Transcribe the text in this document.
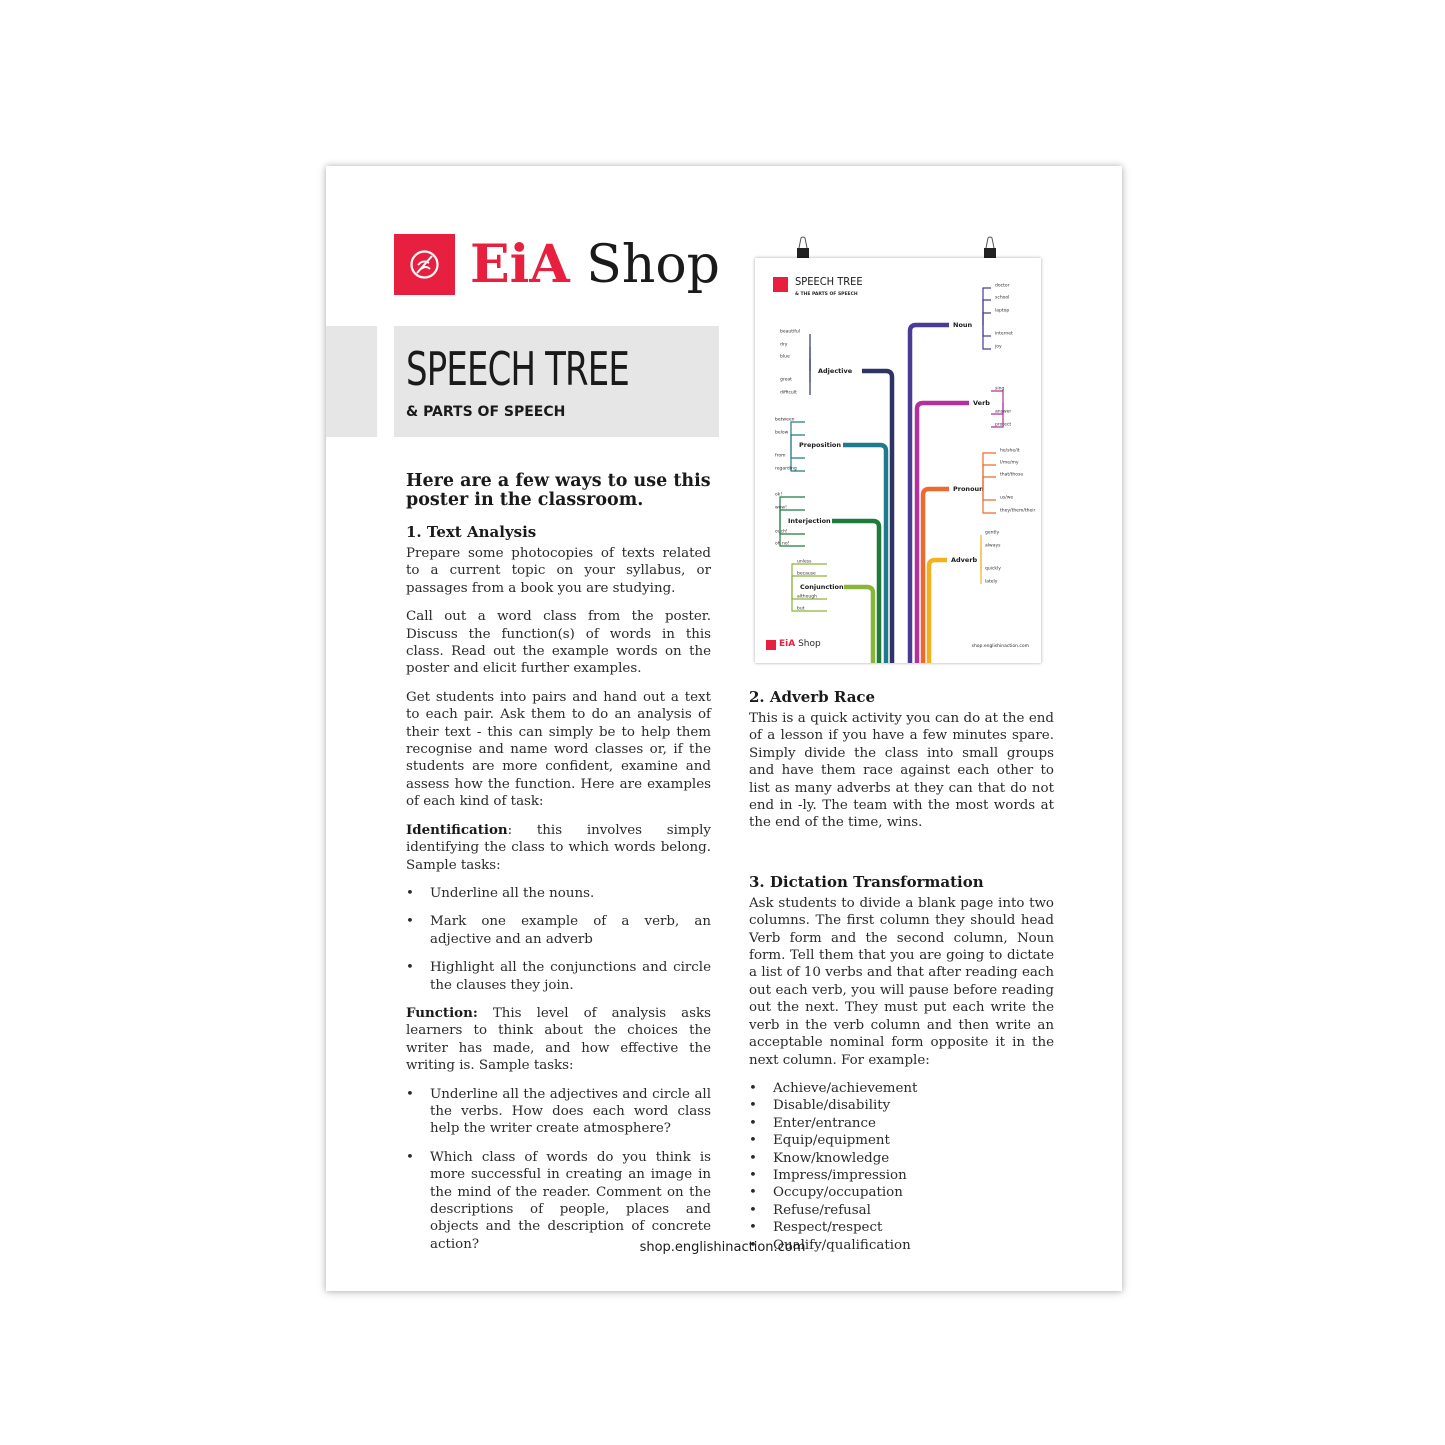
EiA Shop
SPEECH TREE
& PARTS OF SPEECH
Here are a few ways to use this poster in the classroom.
1. Text Analysis

Prepare some photocopies of texts related to a current topic on your syllabus, or passages from a book you are studying.

Call out a word class from the poster. Discuss the function(s) of words in this class. Read out the example words on the poster and elicit further examples.

Get students into pairs and hand out a text to each pair. Ask them to do an analysis of their text - this can simply be to help them recognise and name word classes or, if the students are more confident, examine and assess how the function. Here are examples of each kind of task:

Identification: this involves simply identifying the class to which words belong. Sample tasks:

• Underline all the nouns.
• Mark one example of a verb, an adjective and an adverb
• Highlight all the conjunctions and circle the clauses they join.

Function: This level of analysis asks learners to think about the choices the writer has made, and how effective the writing is. Sample tasks:

• Underline all the adjectives and circle all the verbs. How does each word class help the writer create atmosphere?
• Which class of words do you think is more successful in creating an image in the mind of the reader. Comment on the descriptions of people, places and objects and the description of concrete action?
SPEECH TREE
& THE PARTS OF SPEECH
Noun
doctor
school
laptop
internet
joy
Verb
sing
answer
protect
Pronoun
he/she/it
I/me/my
that/those
us/we
they/them/their
Adverb
gently
always
quickly
lately
Adjective
beautiful
dry
blue
great
difficult
Preposition
between
below
from
regarding
Interjection
ok!
wow!
ouch!
oh no!
Conjunction
unless
because
although
but
EiA Shop	shop.englishinaction.com
2. Adverb Race

This is a quick activity you can do at the end of a lesson if you have a few minutes spare. Simply divide the class into small groups and have them race against each other to list as many adverbs at they can that do not end in -ly. The team with the most words at the end of the time, wins.

3. Dictation Transformation

Ask students to divide a blank page into two columns. The first column they should head Verb form and the second column, Noun form. Tell them that you are going to dictate a list of 10 verbs and that after reading each out each verb, you will pause before reading out the next. They must put each write the verb in the verb column and then write an acceptable nominal form opposite it in the next column. For example:

• Achieve/achievement
• Disable/disability
• Enter/entrance
• Equip/equipment
• Know/knowledge
• Impress/impression
• Occupy/occupation
• Refuse/refusal
• Respect/respect
• Qualify/qualification
shop.englishinaction.com
